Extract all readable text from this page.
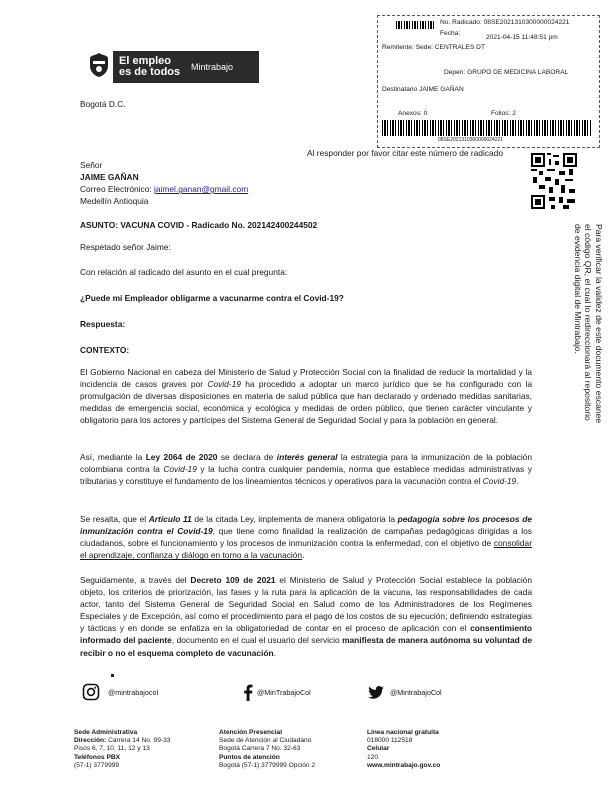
El empleo es de todos	Mintrabajo
No. Radicado: 08SE2021310300000024221
Fecha:
2021-04-15 11:48:51 pm
Remitente: Sede: CENTRALES DT
Depen: GRUPO DE MEDICINA LABORAL
Destinatario JAIME GAÑAN
Anexos: 0	Folios: 2
08SE2021310300000024221
Al responder por favor citar este número de radicado
Para verificar la validez de este documento escanee
el código QR, el cual lo redireccionará al repositorio
de evidencia digital de Mintrabajo.
Bogotá D.C.
Señor
JAIME GAÑAN
Correo Electrónico: jaimel.ganan@gmail.com
Medellín Antioquia
ASUNTO: VACUNA COVID - Radicado No. 202142400244502
Respetado señor Jaime:
Con relación al radicado del asunto en el cual pregunta:
¿Puede mi Empleador obligarme a vacunarme contra el Covid-19?
Respuesta:
CONTEXTO:

El Gobierno Nacional en cabeza del Ministerio de Salud y Protección Social con la finalidad de reducir la mortalidad y la incidencia de casos graves por Covid-19 ha procedido a adoptar un marco jurídico que se ha configurado con la promulgación de diversas disposiciones en materia de salud pública que han declarado y ordenado medidas sanitarias, medidas de emergencia social, económica y ecológica y medidas de orden público, que tienen carácter vinculante y obligatorio para los actores y partícipes del Sistema General de Seguridad Social y para la población en general.

Así, mediante la Ley 2064 de 2020 se declara de interés general la estrategia para la inmunización de la población colombiana contra la Covid-19 y la lucha contra cualquier pandemia, norma que establece medidas administrativas y tributarias y constituye el fundamento de los lineamientos técnicos y operativos para la vacunación contra el Covid-19.

Se resalta, que el Artículo 11 de la citada Ley, implementa de manera obligatoria la pedagogía sobre los procesos de inmunización contra el Covid-19, que tiene como finalidad la realización de campañas pedagógicas dirigidas a los ciudadanos, sobre el funcionamiento y los procesos de inmunización contra la enfermedad, con el objetivo de consolidar el aprendizaje, confianza y diálogo en torno a la vacunación.

Seguidamente, a través del Decreto 109 de 2021 el Ministerio de Salud y Protección Social establece la población objeto, los criterios de priorización, las fases y la ruta para la aplicación de la vacuna, las responsabilidades de cada actor, tanto del Sistema General de Seguridad Social en Salud como de los Administradores de los Regímenes Especiales y de Excepción, así como el procedimiento para el pago de los costos de su ejecución; definiendo estrategias y tácticas y en donde se enfatiza en la obligatoriedad de contar en el proceso de aplicación con el consentimiento informado del paciente, documento en el cual el usuario del servicio manifiesta de manera autónoma su voluntad de recibir o no el esquema completo de vacunación.

@mintrabajocol	@MinTrabajoCol	@MintrabajoCol
Sede Administrativa
Dirección: Carrera 14 No. 99-33
Pisos 6, 7, 10, 11, 12 y 13
Teléfonos PBX
(57-1) 3779999
Atención Presencial
Sede de Atención al Ciudadano
Bogotá Carrera 7 No. 32-63
Puntos de atención
Bogotá (57-1) 3779999 Opción 2
Línea nacional gratuita
018000 112518
Celular
120
www.mintrabajo.gov.co
